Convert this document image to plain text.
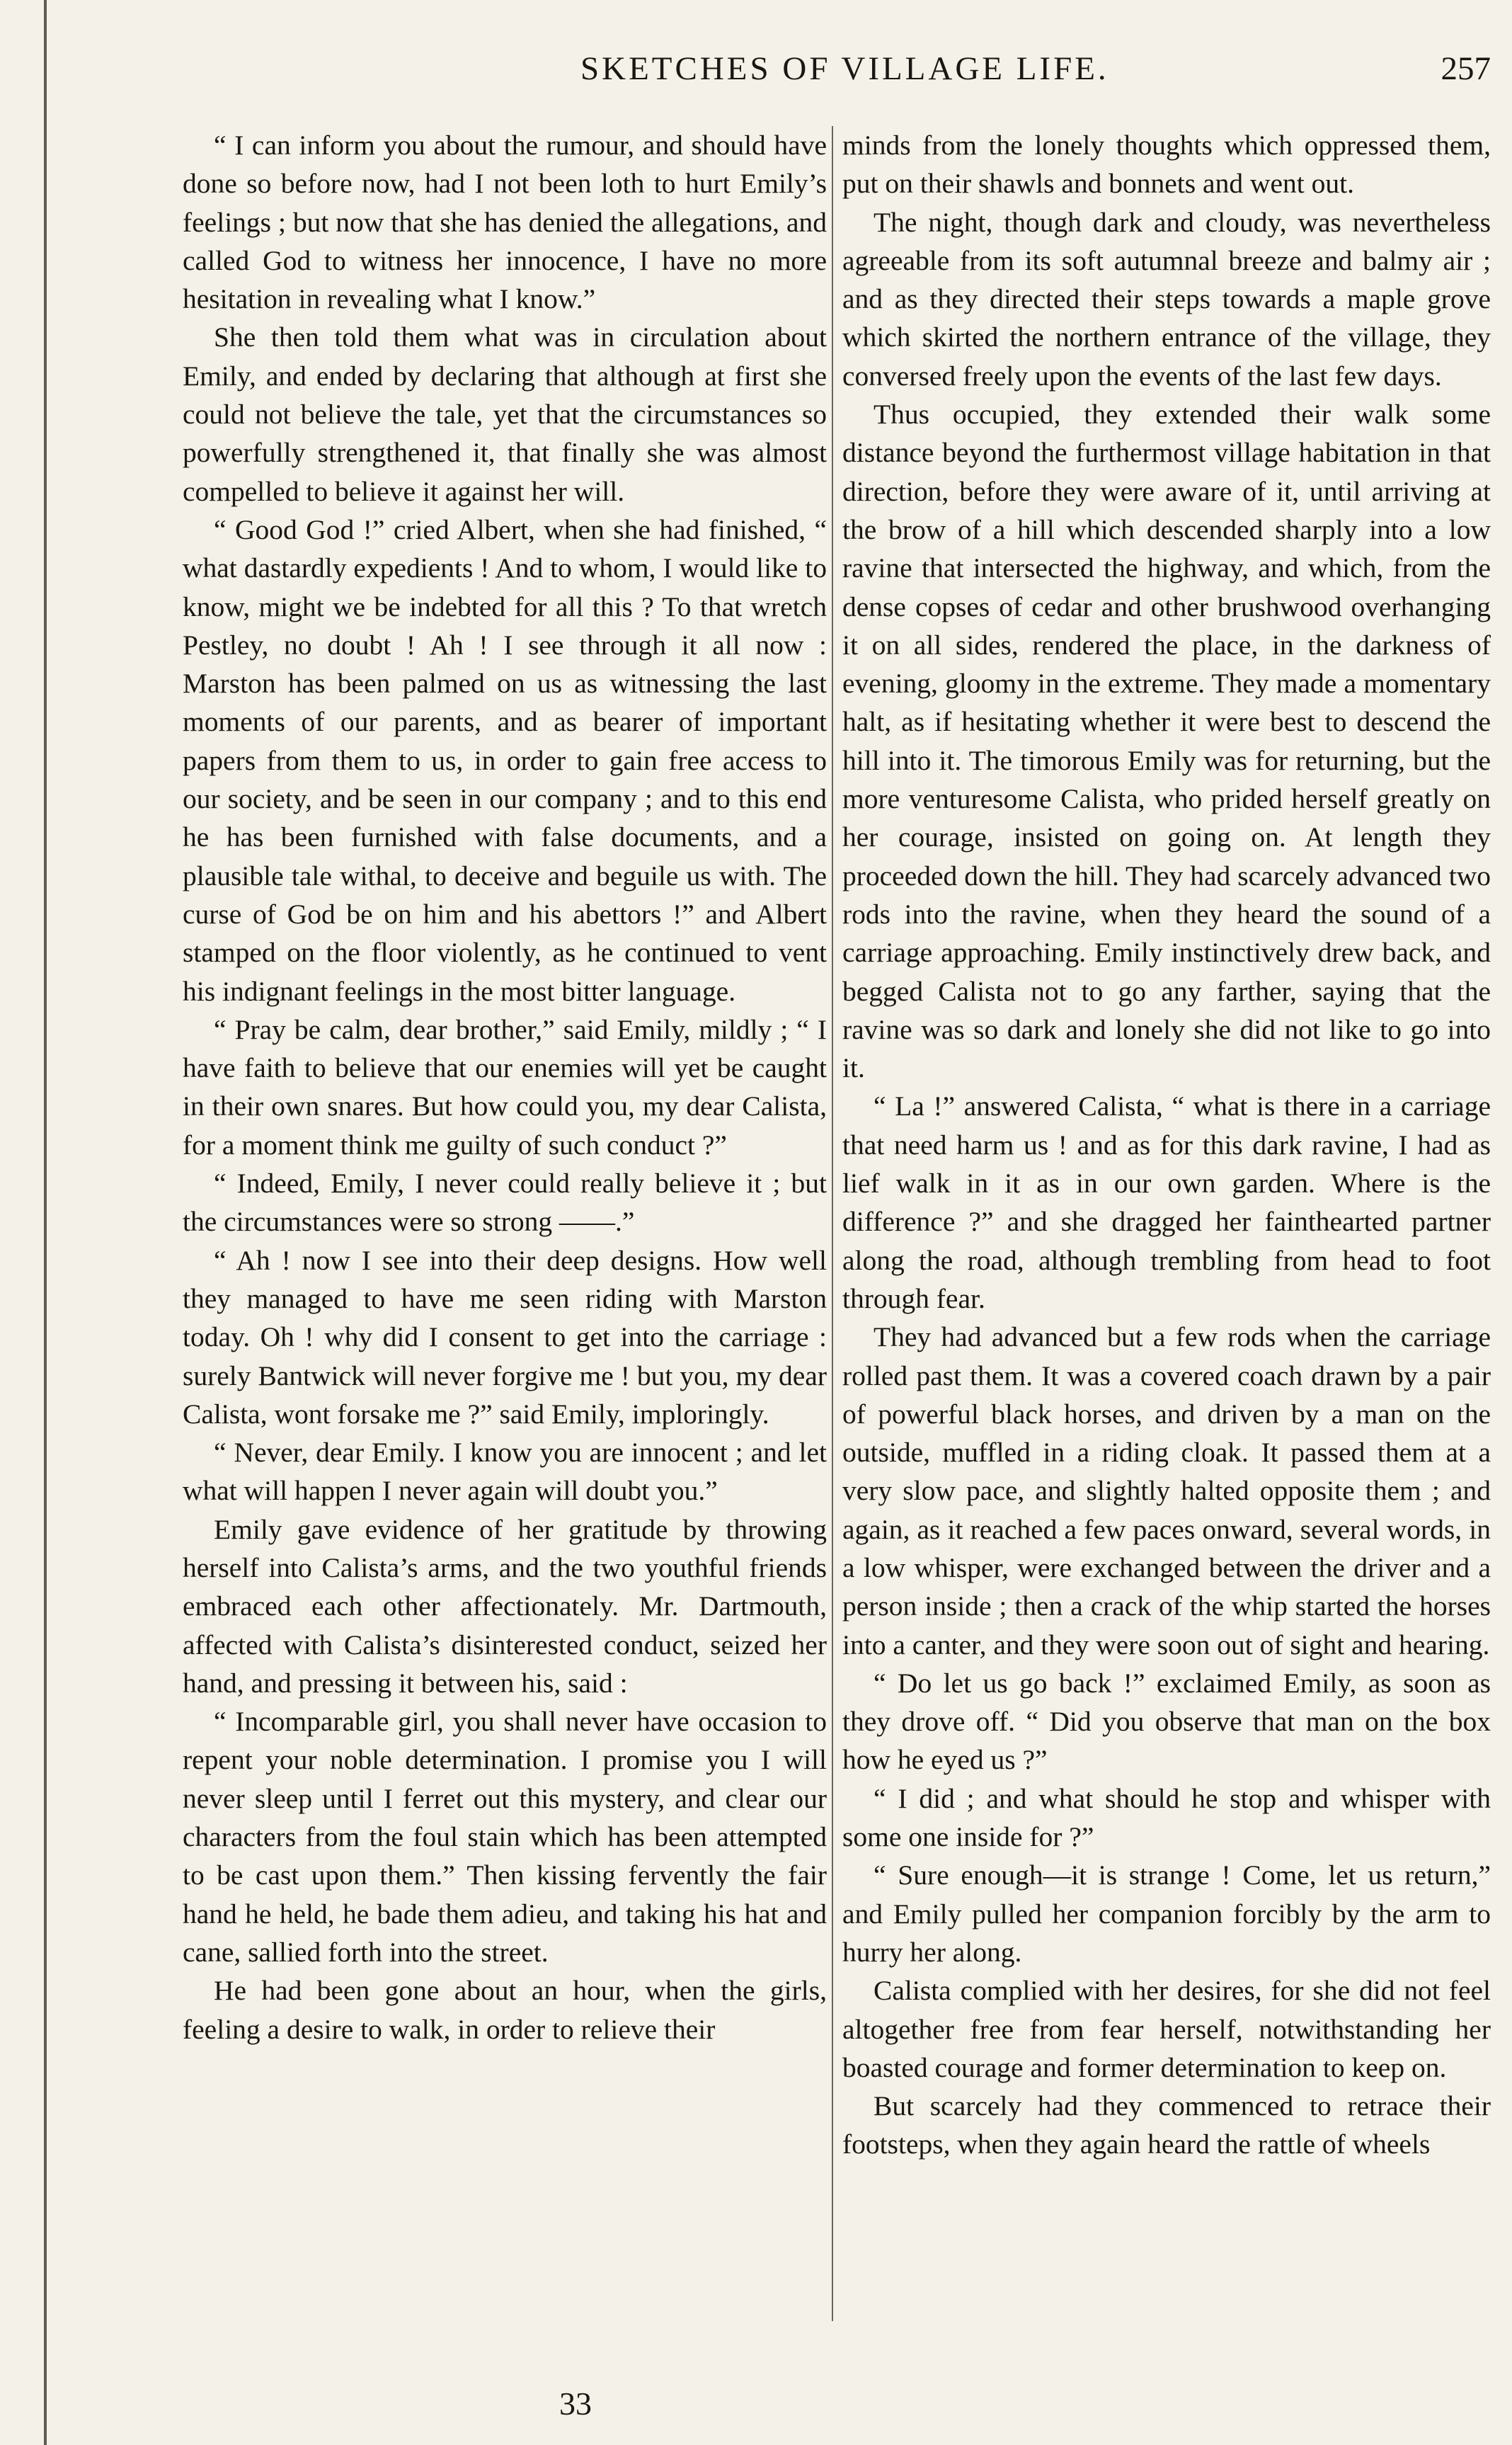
SKETCHES OF VILLAGE LIFE.	257

“ I can inform you about the rumour, and should have done so before now, had I not been loth to hurt Emily’s feelings ; but now that she has denied the allegations, and called God to witness her innocence, I have no more hesitation in revealing what I know.”

She then told them what was in circulation about Emily, and ended by declaring that although at first she could not believe the tale, yet that the circumstances so powerfully strengthened it, that finally she was almost compelled to believe it against her will.

“ Good God !” cried Albert, when she had finished, “ what dastardly expedients ! And to whom, I would like to know, might we be indebted for all this ? To that wretch Pestley, no doubt ! Ah ! I see through it all now : Marston has been palmed on us as witnessing the last moments of our parents, and as bearer of important papers from them to us, in order to gain free access to our society, and be seen in our company ; and to this end he has been furnished with false documents, and a plausible tale withal, to deceive and beguile us with. The curse of God be on him and his abettors !” and Albert stamped on the floor violently, as he continued to vent his indignant feelings in the most bitter language.

“ Pray be calm, dear brother,” said Emily, mildly ; “ I have faith to believe that our enemies will yet be caught in their own snares. But how could you, my dear Calista, for a moment think me guilty of such conduct ?”

“ Indeed, Emily, I never could really believe it ; but the circumstances were so strong ——.”

“ Ah ! now I see into their deep designs. How well they managed to have me seen riding with Marston today. Oh ! why did I consent to get into the carriage : surely Bantwick will never forgive me ! but you, my dear Calista, wont forsake me ?” said Emily, imploringly.

“ Never, dear Emily. I know you are innocent ; and let what will happen I never again will doubt you.”

Emily gave evidence of her gratitude by throwing herself into Calista’s arms, and the two youthful friends embraced each other affectionately. Mr. Dartmouth, affected with Calista’s disinterested conduct, seized her hand, and pressing it between his, said :

“ Incomparable girl, you shall never have occasion to repent your noble determination. I promise you I will never sleep until I ferret out this mystery, and clear our characters from the foul stain which has been attempted to be cast upon them.” Then kissing fervently the fair hand he held, he bade them adieu, and taking his hat and cane, sallied forth into the street.

He had been gone about an hour, when the girls, feeling a desire to walk, in order to relieve their

minds from the lonely thoughts which oppressed them, put on their shawls and bonnets and went out.

The night, though dark and cloudy, was nevertheless agreeable from its soft autumnal breeze and balmy air ; and as they directed their steps towards a maple grove which skirted the northern entrance of the village, they conversed freely upon the events of the last few days.

Thus occupied, they extended their walk some distance beyond the furthermost village habitation in that direction, before they were aware of it, until arriving at the brow of a hill which descended sharply into a low ravine that intersected the highway, and which, from the dense copses of cedar and other brushwood overhanging it on all sides, rendered the place, in the darkness of evening, gloomy in the extreme. They made a momentary halt, as if hesitating whether it were best to descend the hill into it. The timorous Emily was for returning, but the more venturesome Calista, who prided herself greatly on her courage, insisted on going on. At length they proceeded down the hill. They had scarcely advanced two rods into the ravine, when they heard the sound of a carriage approaching. Emily instinctively drew back, and begged Calista not to go any farther, saying that the ravine was so dark and lonely she did not like to go into it.

“ La !” answered Calista, “ what is there in a carriage that need harm us ! and as for this dark ravine, I had as lief walk in it as in our own garden. Where is the difference ?” and she dragged her fainthearted partner along the road, although trembling from head to foot through fear.

They had advanced but a few rods when the carriage rolled past them. It was a covered coach drawn by a pair of powerful black horses, and driven by a man on the outside, muffled in a riding cloak. It passed them at a very slow pace, and slightly halted opposite them ; and again, as it reached a few paces onward, several words, in a low whisper, were exchanged between the driver and a person inside ; then a crack of the whip started the horses into a canter, and they were soon out of sight and hearing.

“ Do let us go back !” exclaimed Emily, as soon as they drove off. “ Did you observe that man on the box how he eyed us ?”

“ I did ; and what should he stop and whisper with some one inside for ?”

“ Sure enough—it is strange ! Come, let us return,” and Emily pulled her companion forcibly by the arm to hurry her along.

Calista complied with her desires, for she did not feel altogether free from fear herself, notwithstanding her boasted courage and former determination to keep on.

But scarcely had they commenced to retrace their footsteps, when they again heard the rattle of wheels

33
